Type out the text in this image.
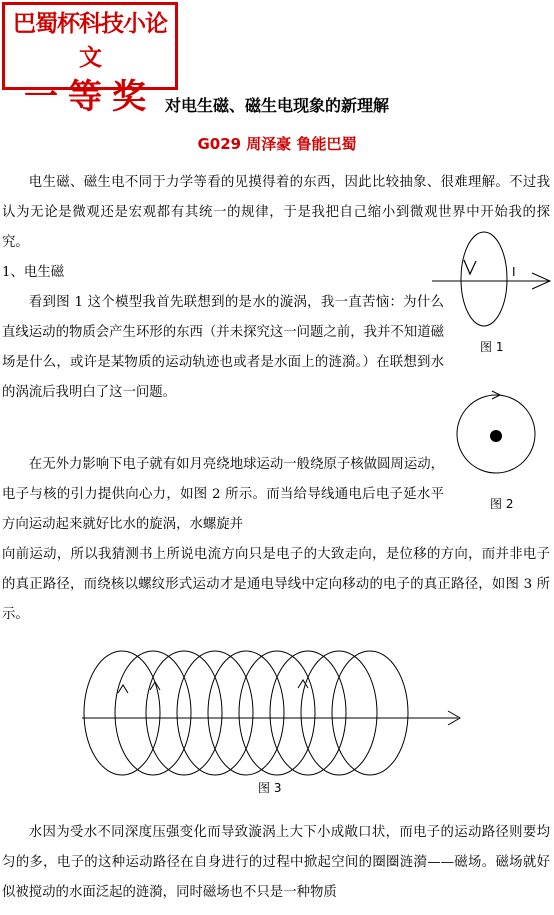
巴蜀杯科技小论文
一等奖 对电生磁、磁生电现象的新理解
G029 周泽豪 鲁能巴蜀
电生磁、磁生电不同于力学等看的见摸得着的东西，因此比较抽象、很难理解。不过我认为无论是微观还是宏观都有其统一的规律，于是我把自己缩小到微观世界中开始我的探究。
1、电生磁
看到图 1 这个模型我首先联想到的是水的漩涡，我一直苦恼：为什么直线运动的物质会产生环形的东西（并未探究这一问题之前，我并不知道磁场是什么，或许是某物质的运动轨迹也或者是水面上的涟漪。）在联想到水的涡流后我明白了这一问题。
在无外力影响下电子就有如月亮绕地球运动一般绕原子核做圆周运动，电子与核的引力提供向心力，如图 2 所示。而当给导线通电后电子延水平方向运动起来就好比水的旋涡，水螺旋并
向前运动，所以我猜测书上所说电流方向只是电子的大致走向，是位移的方向，而并非电子的真正路径，而绕核以螺纹形式运动才是通电导线中定向移动的电子的真正路径，如图 3 所示。
水因为受水不同深度压强变化而导致漩涡上大下小成敞口状，而电子的运动路径则要均匀的多，电子的这种运动路径在自身进行的过程中掀起空间的圈圈涟漪——磁场。磁场就好似被搅动的水面泛起的涟漪，同时磁场也不只是一种物质
I
图 1
图 2
图 3
